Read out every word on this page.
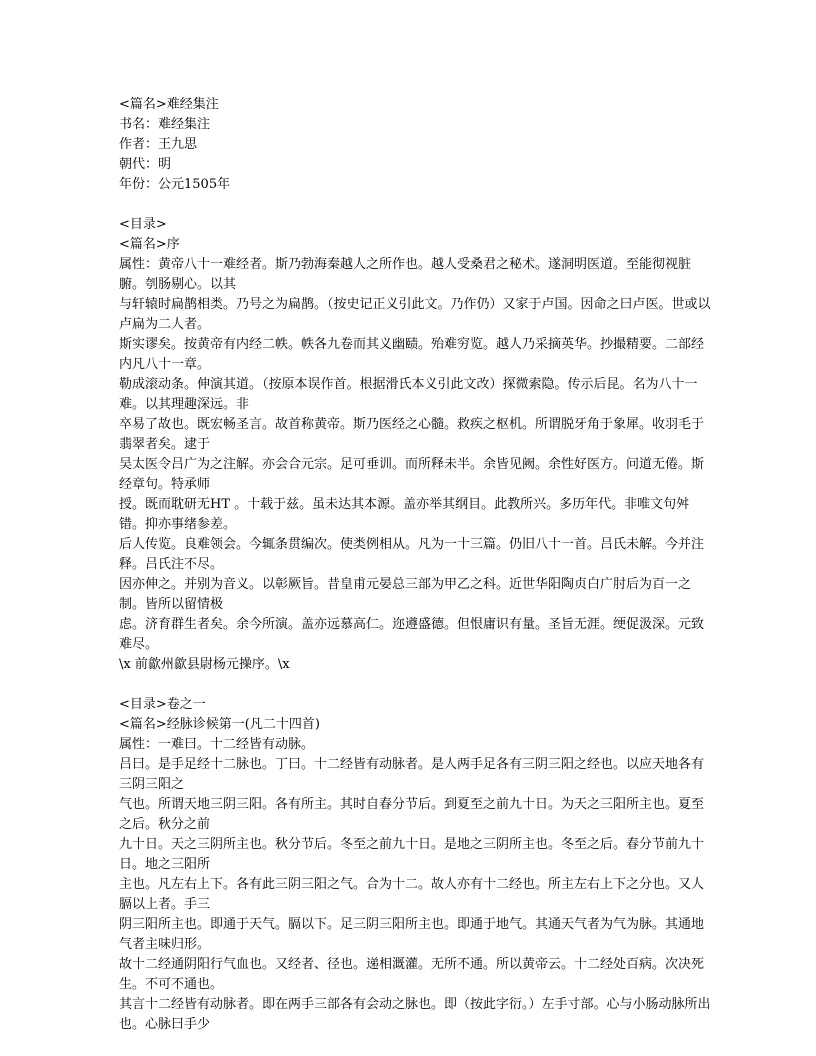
<篇名>难经集注
书名：难经集注
作者：王九思
朝代：明
年份：公元1505年
<目录>
<篇名>序
属性：黄帝八十一难经者。斯乃勃海秦越人之所作也。越人受桑君之秘术。遂洞明医道。至能彻视脏腑。刳肠剔心。以其
与轩辕时扁鹊相类。乃号之为扁鹊。（按史记正义引此文。乃作仍）又家于卢国。因命之曰卢医。世或以卢扁为二人者。
斯实谬矣。按黄帝有内经二帙。帙各九卷而其义幽赜。殆难穷览。越人乃采摘英华。抄撮精要。二部经内凡八十一章。
勒成滚动条。伸演其道。（按原本误作首。根据滑氏本义引此文改）探微索隐。传示后昆。名为八十一难。以其理趣深远。非
卒易了故也。既宏畅圣言。故首称黄帝。斯乃医经之心髓。救疾之枢机。所谓脱牙角于象犀。收羽毛于翡翠者矣。逮于
吴太医令吕广为之注解。亦会合元宗。足可垂训。而所释未半。余皆见阙。余性好医方。问道无倦。斯经章句。特承师
授。既而耽研无HT 。十载于兹。虽未达其本源。盖亦举其纲目。此教所兴。多历年代。非唯文句舛错。抑亦事绪参差。
后人传览。良难领会。今辄条贯编次。使类例相从。凡为一十三篇。仍旧八十一首。吕氏未解。今并注释。吕氏注不尽。
因亦伸之。并别为音义。以彰厥旨。昔皇甫元晏总三部为甲乙之科。近世华阳陶贞白广肘后为百一之制。皆所以留情极
虑。济育群生者矣。余今所演。盖亦远慕高仁。迩遵盛德。但恨庸识有量。圣旨无涯。绠促汲深。元致难尽。
\x 前歙州歙县尉杨元操序。\x
<目录>卷之一
<篇名>经脉诊候第一(凡二十四首)
属性：一难曰。十二经皆有动脉。
吕曰。是手足经十二脉也。丁曰。十二经皆有动脉者。是人两手足各有三阴三阳之经也。以应天地各有三阴三阳之
气也。所谓天地三阴三阳。各有所主。其时自春分节后。到夏至之前九十日。为天之三阳所主也。夏至之后。秋分之前
九十日。天之三阴所主也。秋分节后。冬至之前九十日。是地之三阴所主也。冬至之后。春分节前九十日。地之三阳所
主也。凡左右上下。各有此三阴三阳之气。合为十二。故人亦有十二经也。所主左右上下之分也。又人膈以上者。手三
阴三阳所主也。即通于天气。膈以下。足三阴三阳所主也。即通于地气。其通天气者为气为脉。其通地气者主味归形。
故十二经通阴阳行气血也。又经者、径也。递相溉灌。无所不通。所以黄帝云。十二经处百病。次决死生。不可不通也。
其言十二经皆有动脉者。即在两手三部各有会动之脉也。即（按此字衍。）左手寸部。心与小肠动脉所出也。心脉曰手少
